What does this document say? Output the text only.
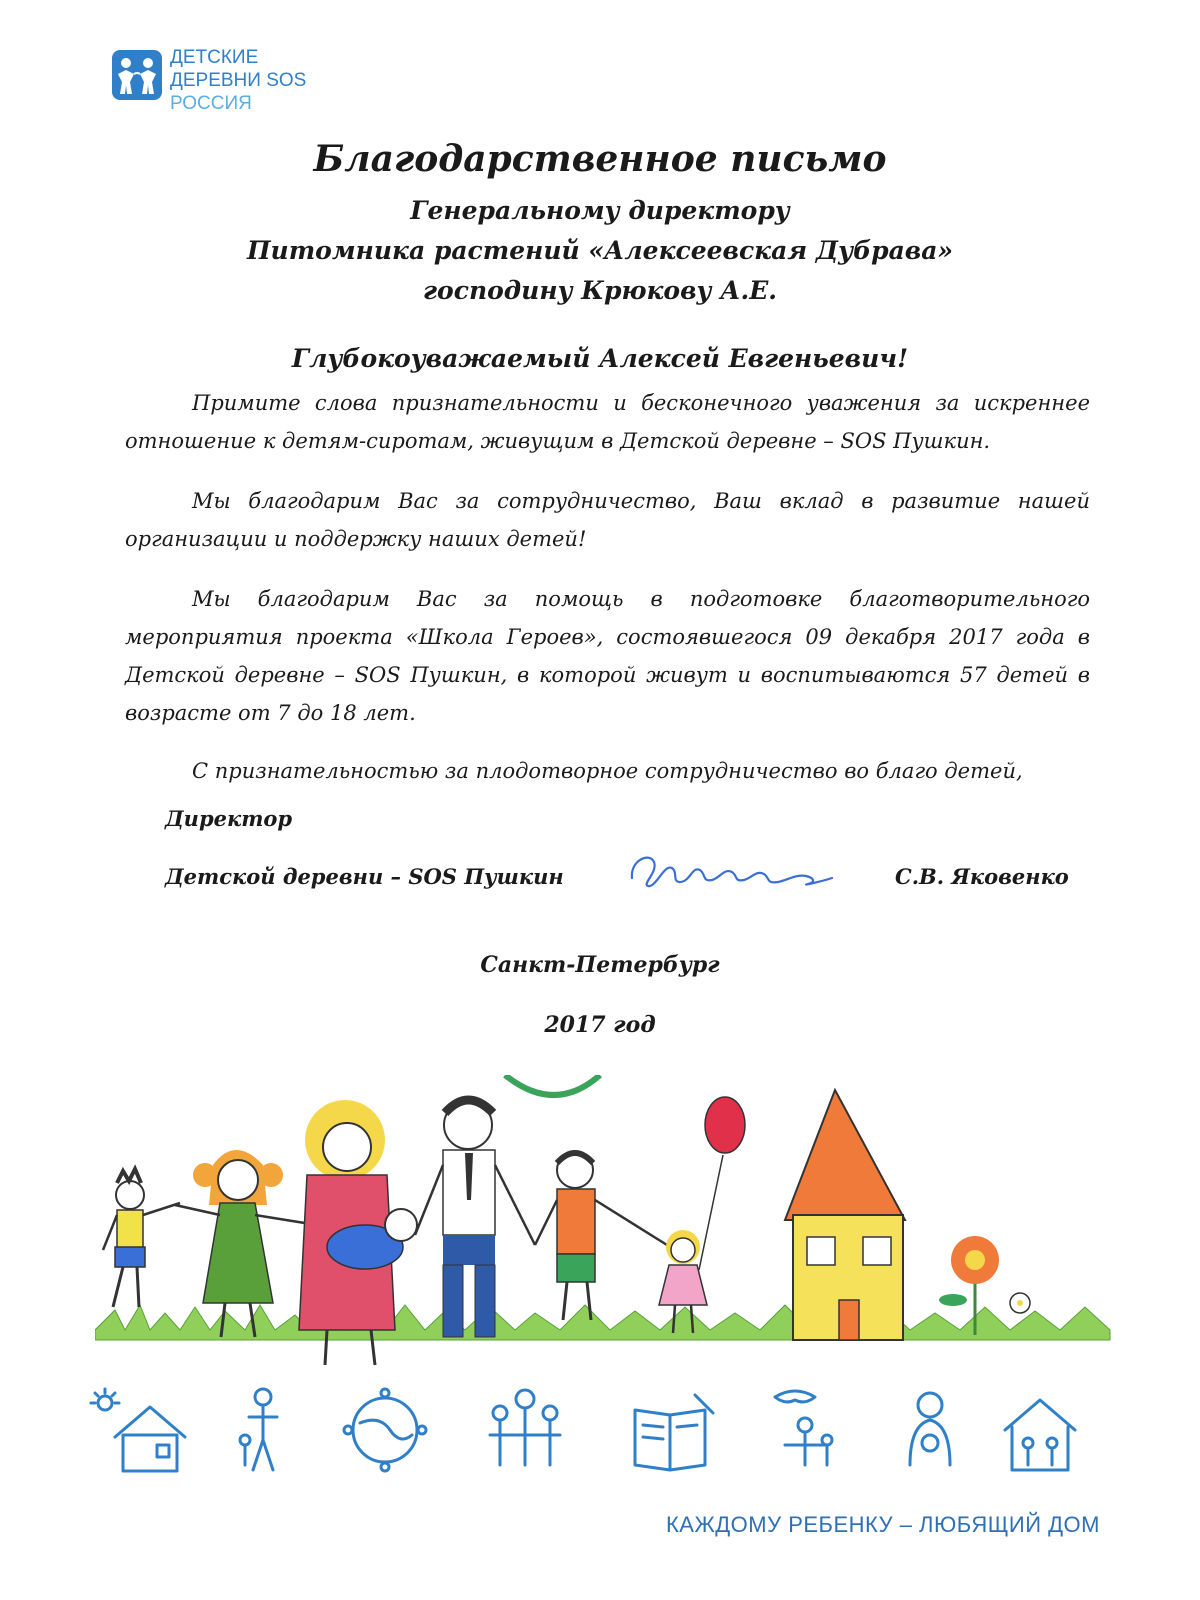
ДЕТСКИЕ
ДЕРЕВНИ SOS
РОССИЯ
Благодарственное письмо
Генеральному директору
Питомника растений «Алексеевская Дубрава»
господину Крюкову А.Е.
Глубокоуважаемый Алексей Евгеньевич!
Примите слова признательности и бесконечного уважения за искреннее отношение к детям-сиротам, живущим в Детской деревне – SOS Пушкин.
Мы благодарим Вас за сотрудничество, Ваш вклад в развитие нашей организации и поддержку наших детей!
Мы благодарим Вас за помощь в подготовке благотворительного мероприятия проекта «Школа Героев», состоявшегося 09 декабря 2017 года в Детской деревне – SOS Пушкин, в которой живут и воспитываются 57 детей в возрасте от 7 до 18 лет.
С признательностью за плодотворное сотрудничество во благо детей,
Директор
Детской деревни – SOS Пушкин	С.В. Яковенко
Санкт-Петербург
2017 год
КАЖДОМУ РЕБЕНКУ – ЛЮБЯЩИЙ ДОМ
